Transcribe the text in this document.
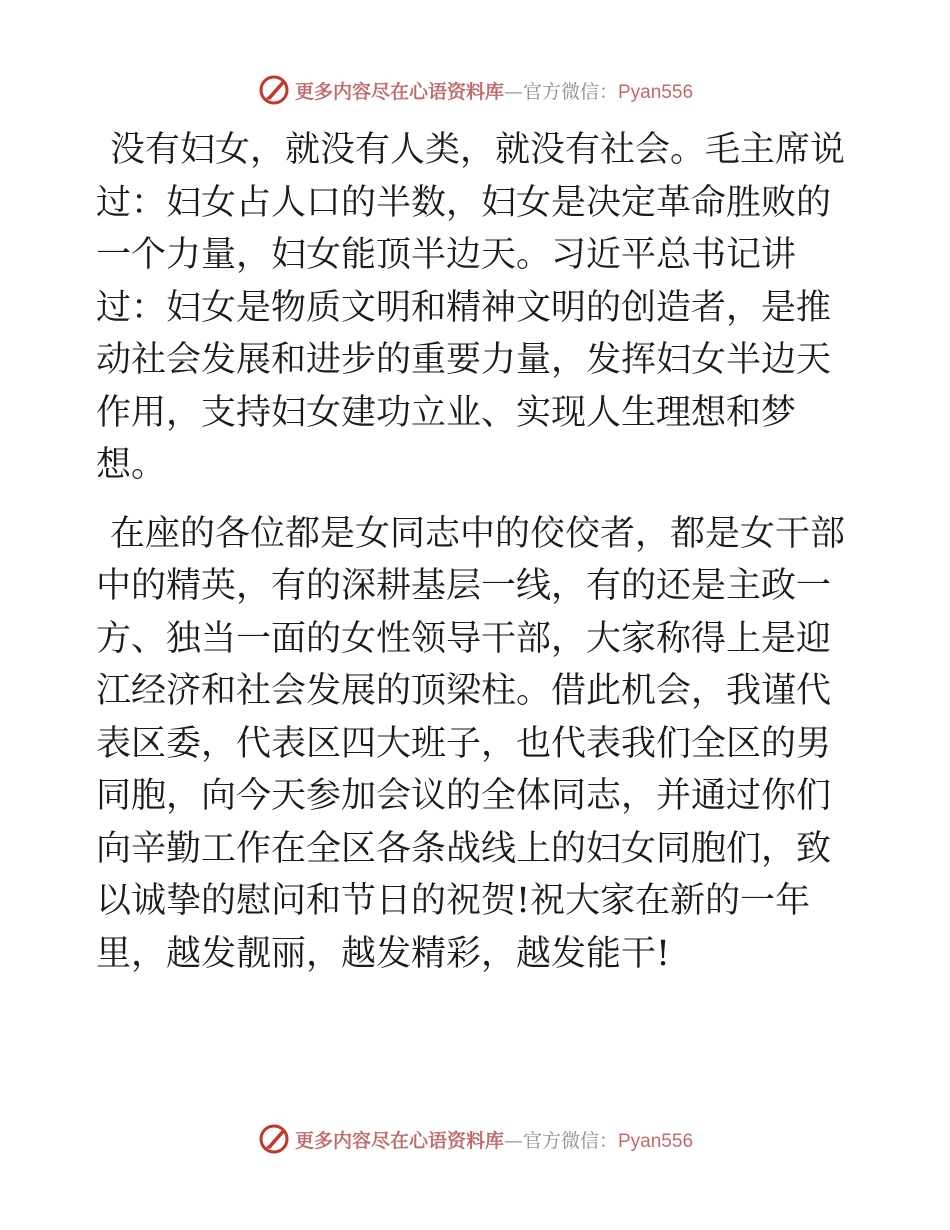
更多内容尽在心语资料库—官方微信：Pyan556

没有妇女，就没有人类，就没有社会。毛主席说过：妇女占人口的半数，妇女是决定革命胜败的一个力量，妇女能顶半边天。习近平总书记讲过：妇女是物质文明和精神文明的创造者，是推动社会发展和进步的重要力量，发挥妇女半边天作用，支持妇女建功立业、实现人生理想和梦想。

在座的各位都是女同志中的佼佼者，都是女干部中的精英，有的深耕基层一线，有的还是主政一方、独当一面的女性领导干部，大家称得上是迎江经济和社会发展的顶梁柱。借此机会，我谨代表区委，代表区四大班子，也代表我们全区的男同胞，向今天参加会议的全体同志，并通过你们向辛勤工作在全区各条战线上的妇女同胞们，致以诚挚的慰问和节日的祝贺!祝大家在新的一年里，越发靓丽，越发精彩，越发能干!

更多内容尽在心语资料库—官方微信：Pyan556
